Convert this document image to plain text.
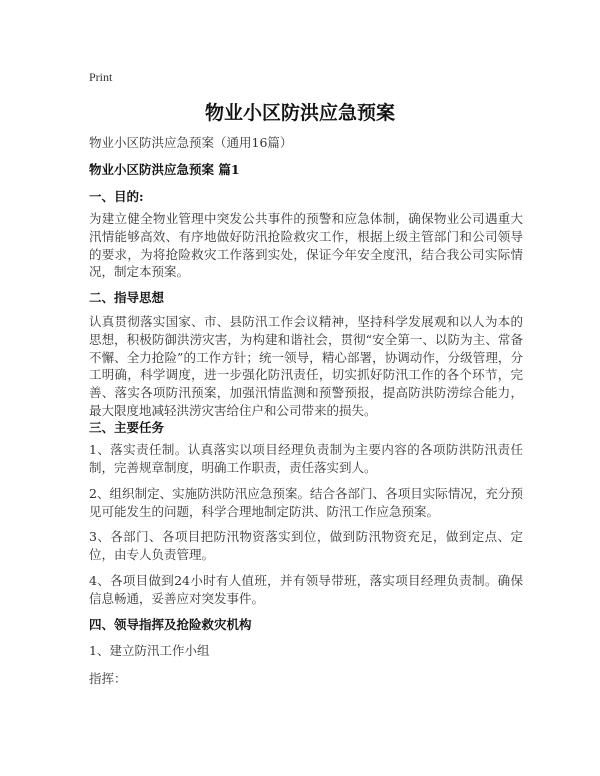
Print
物业小区防洪应急预案
物业小区防洪应急预案（通用16篇）
物业小区防洪应急预案 篇1
一、目的:
为建立健全物业管理中突发公共事件的预警和应急体制，确保物业公司遇重大汛情能够高效、有序地做好防汛抢险救灾工作，根据上级主管部门和公司领导的要求，为将抢险救灾工作落到实处，保证今年安全度汛，结合我公司实际情况，制定本预案。
二、指导思想
认真贯彻落实国家、市、县防汛工作会议精神，坚持科学发展观和以人为本的思想，积极防御洪涝灾害，为构建和谐社会，贯彻“安全第一、以防为主、常备不懈、全力抢险”的工作方针；统一领导，精心部署，协调动作，分级管理，分工明确，科学调度，进一步强化防汛责任，切实抓好防汛工作的各个环节，完善、落实各项防汛预案，加强汛情监测和预警预报，提高防洪防涝综合能力，最大限度地减轻洪涝灾害给住户和公司带来的损失。
三、主要任务
1、落实责任制。认真落实以项目经理负责制为主要内容的各项防洪防汛责任制，完善规章制度，明确工作职责，责任落实到人。
2、组织制定、实施防洪防汛应急预案。结合各部门、各项目实际情况，充分预见可能发生的问题，科学合理地制定防洪、防汛工作应急预案。
3、各部门、各项目把防汛物资落实到位，做到防汛物资充足，做到定点、定位，由专人负责管理。
4、各项目做到24小时有人值班，并有领导带班，落实项目经理负责制。确保信息畅通，妥善应对突发事件。
四、领导指挥及抢险救灾机构
1、建立防汛工作小组
指挥：
